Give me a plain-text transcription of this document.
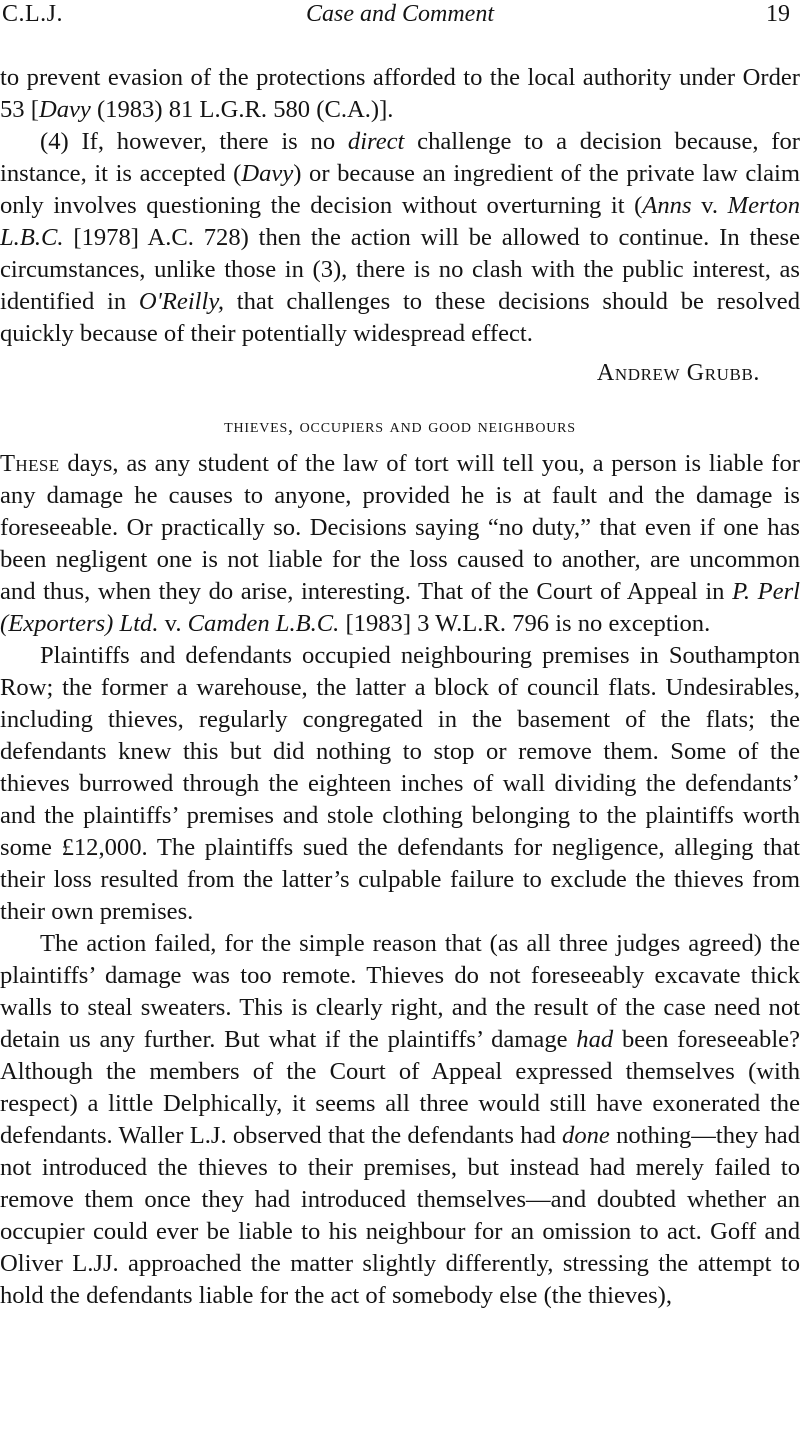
C.L.J.	Case and Comment	19

to prevent evasion of the protections afforded to the local authority under Order 53 [Davy (1983) 81 L.G.R. 580 (C.A.)].

(4) If, however, there is no direct challenge to a decision because, for instance, it is accepted (Davy) or because an ingredient of the private law claim only involves questioning the decision without overturning it (Anns v. Merton L.B.C. [1978] A.C. 728) then the action will be allowed to continue. In these circumstances, unlike those in (3), there is no clash with the public interest, as identified in O'Reilly, that challenges to these decisions should be resolved quickly because of their potentially widespread effect.

Andrew Grubb.
thieves, occupiers and good neighbours

These days, as any student of the law of tort will tell you, a person is liable for any damage he causes to anyone, provided he is at fault and the damage is foreseeable. Or practically so. Decisions saying “no duty,” that even if one has been negligent one is not liable for the loss caused to another, are uncommon and thus, when they do arise, interesting. That of the Court of Appeal in P. Perl (Exporters) Ltd. v. Camden L.B.C. [1983] 3 W.L.R. 796 is no exception.

Plaintiffs and defendants occupied neighbouring premises in Southampton Row; the former a warehouse, the latter a block of council flats. Undesirables, including thieves, regularly congregated in the basement of the flats; the defendants knew this but did nothing to stop or remove them. Some of the thieves burrowed through the eighteen inches of wall dividing the defendants’ and the plaintiffs’ premises and stole clothing belonging to the plaintiffs worth some £12,000. The plaintiffs sued the defendants for negligence, alleging that their loss resulted from the latter’s culpable failure to exclude the thieves from their own premises.

The action failed, for the simple reason that (as all three judges agreed) the plaintiffs’ damage was too remote. Thieves do not foreseeably excavate thick walls to steal sweaters. This is clearly right, and the result of the case need not detain us any further. But what if the plaintiffs’ damage had been foreseeable? Although the members of the Court of Appeal expressed themselves (with respect) a little Delphically, it seems all three would still have exonerated the defendants. Waller L.J. observed that the defendants had done nothing—they had not introduced the thieves to their premises, but instead had merely failed to remove them once they had introduced themselves—and doubted whether an occupier could ever be liable to his neighbour for an omission to act. Goff and Oliver L.JJ. approached the matter slightly differently, stressing the attempt to hold the defendants liable for the act of somebody else (the thieves),
